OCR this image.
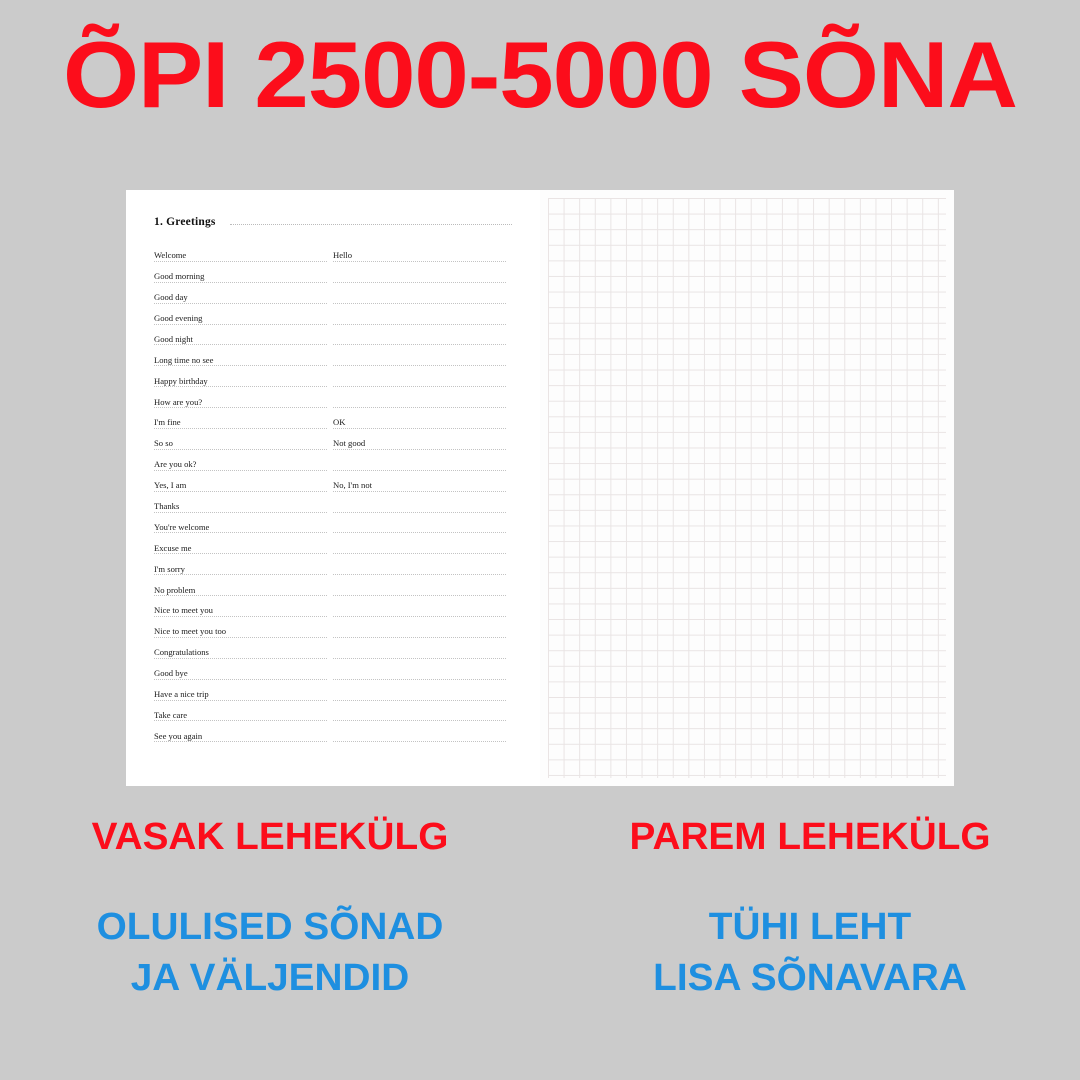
ÕPI 2500-5000 SÕNA
1. Greetings
Welcome	Hello
Good morning
Good day
Good evening
Good night
Long time no see
Happy birthday
How are you?
I'm fine	OK
So so	Not good
Are you ok?
Yes, I am	No, I'm not
Thanks
You're welcome
Excuse me
I'm sorry
No problem
Nice to meet you
Nice to meet you too
Congratulations
Good bye
Have a nice trip
Take care
See you again
VASAK LEHEKÜLG	PAREM LEHEKÜLG
OLULISED SÕNAD
JA VÄLJENDID
TÜHI LEHT
LISA SÕNAVARA
